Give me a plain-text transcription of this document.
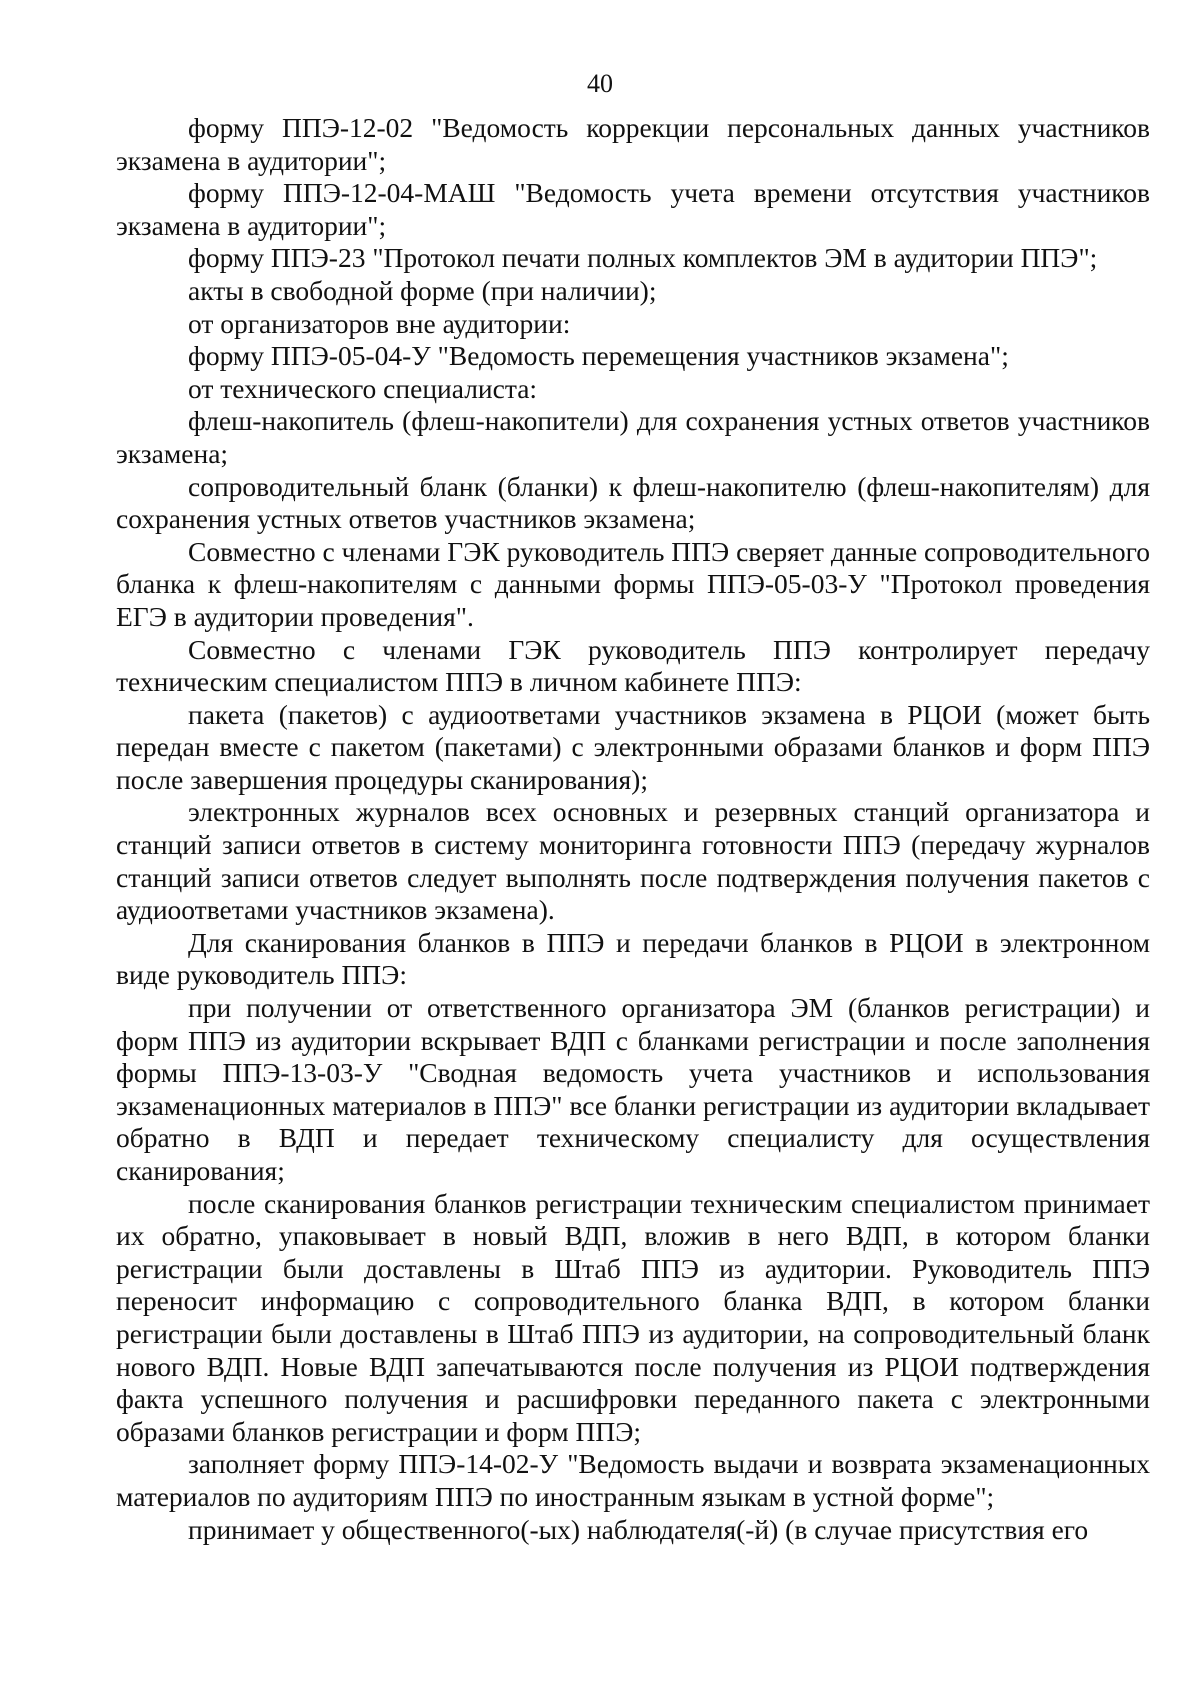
40

форму ППЭ-12-02 "Ведомость коррекции персональных данных участников экзамена в аудитории";

форму ППЭ-12-04-МАШ "Ведомость учета времени отсутствия участников экзамена в аудитории";

форму ППЭ-23 "Протокол печати полных комплектов ЭМ в аудитории ППЭ";

акты в свободной форме (при наличии);

от организаторов вне аудитории:

форму ППЭ-05-04-У "Ведомость перемещения участников экзамена";

от технического специалиста:

флеш-накопитель (флеш-накопители) для сохранения устных ответов участников экзамена;

сопроводительный бланк (бланки) к флеш-накопителю (флеш-накопителям) для сохранения устных ответов участников экзамена;

Совместно с членами ГЭК руководитель ППЭ сверяет данные сопроводительного бланка к флеш-накопителям с данными формы ППЭ-05-03-У "Протокол проведения ЕГЭ в аудитории проведения".

Совместно с членами ГЭК руководитель ППЭ контролирует передачу техническим специалистом ППЭ в личном кабинете ППЭ:

пакета (пакетов) с аудиоответами участников экзамена в РЦОИ (может быть передан вместе с пакетом (пакетами) с электронными образами бланков и форм ППЭ после завершения процедуры сканирования);

электронных журналов всех основных и резервных станций организатора и станций записи ответов в систему мониторинга готовности ППЭ (передачу журналов станций записи ответов следует выполнять после подтверждения получения пакетов с аудиоответами участников экзамена).

Для сканирования бланков в ППЭ и передачи бланков в РЦОИ в электронном виде руководитель ППЭ:

при получении от ответственного организатора ЭМ (бланков регистрации) и форм ППЭ из аудитории вскрывает ВДП с бланками регистрации и после заполнения формы ППЭ-13-03-У "Сводная ведомость учета участников и использования экзаменационных материалов в ППЭ" все бланки регистрации из аудитории вкладывает обратно в ВДП и передает техническому специалисту для осуществления сканирования;

после сканирования бланков регистрации техническим специалистом принимает их обратно, упаковывает в новый ВДП, вложив в него ВДП, в котором бланки регистрации были доставлены в Штаб ППЭ из аудитории. Руководитель ППЭ переносит информацию с сопроводительного бланка ВДП, в котором бланки регистрации были доставлены в Штаб ППЭ из аудитории, на сопроводительный бланк нового ВДП. Новые ВДП запечатываются после получения из РЦОИ подтверждения факта успешного получения и расшифровки переданного пакета с электронными образами бланков регистрации и форм ППЭ;

заполняет форму ППЭ-14-02-У "Ведомость выдачи и возврата экзаменационных материалов по аудиториям ППЭ по иностранным языкам в устной форме";

принимает у общественного(-ых) наблюдателя(-й) (в случае присутствия его
